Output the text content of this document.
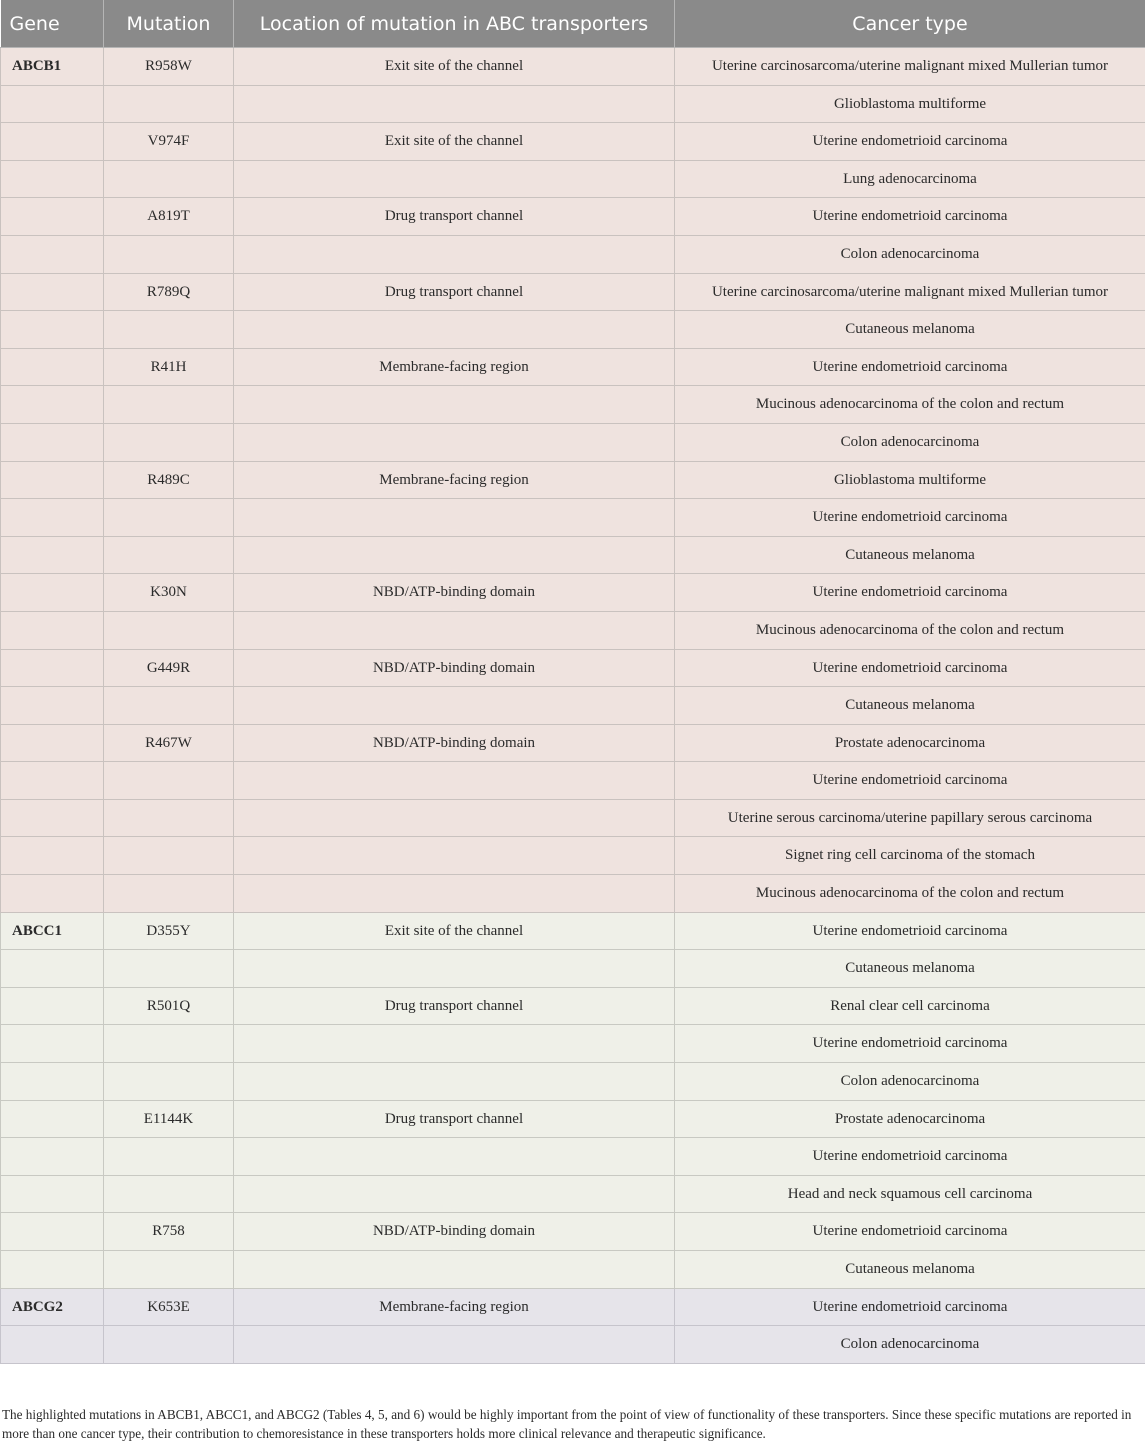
Gene	Mutation	Location of mutation in ABC transporters	Cancer type
ABCB1	R958W	Exit site of the channel	Uterine carcinosarcoma/uterine malignant mixed Mullerian tumor
			Glioblastoma multiforme
	V974F	Exit site of the channel	Uterine endometrioid carcinoma
			Lung adenocarcinoma
	A819T	Drug transport channel	Uterine endometrioid carcinoma
			Colon adenocarcinoma
	R789Q	Drug transport channel	Uterine carcinosarcoma/uterine malignant mixed Mullerian tumor
			Cutaneous melanoma
	R41H	Membrane-facing region	Uterine endometrioid carcinoma
			Mucinous adenocarcinoma of the colon and rectum
			Colon adenocarcinoma
	R489C	Membrane-facing region	Glioblastoma multiforme
			Uterine endometrioid carcinoma
			Cutaneous melanoma
	K30N	NBD/ATP-binding domain	Uterine endometrioid carcinoma
			Mucinous adenocarcinoma of the colon and rectum
	G449R	NBD/ATP-binding domain	Uterine endometrioid carcinoma
			Cutaneous melanoma
	R467W	NBD/ATP-binding domain	Prostate adenocarcinoma
			Uterine endometrioid carcinoma
			Uterine serous carcinoma/uterine papillary serous carcinoma
			Signet ring cell carcinoma of the stomach
			Mucinous adenocarcinoma of the colon and rectum
ABCC1	D355Y	Exit site of the channel	Uterine endometrioid carcinoma
			Cutaneous melanoma
	R501Q	Drug transport channel	Renal clear cell carcinoma
			Uterine endometrioid carcinoma
			Colon adenocarcinoma
	E1144K	Drug transport channel	Prostate adenocarcinoma
			Uterine endometrioid carcinoma
			Head and neck squamous cell carcinoma
	R758	NBD/ATP-binding domain	Uterine endometrioid carcinoma
			Cutaneous melanoma
ABCG2	K653E	Membrane-facing region	Uterine endometrioid carcinoma
			Colon adenocarcinoma
The highlighted mutations in ABCB1, ABCC1, and ABCG2 (Tables 4, 5, and 6) would be highly important from the point of view of functionality of these transporters. Since these specific mutations are reported in more than one cancer type, their contribution to chemoresistance in these transporters holds more clinical relevance and therapeutic significance.
